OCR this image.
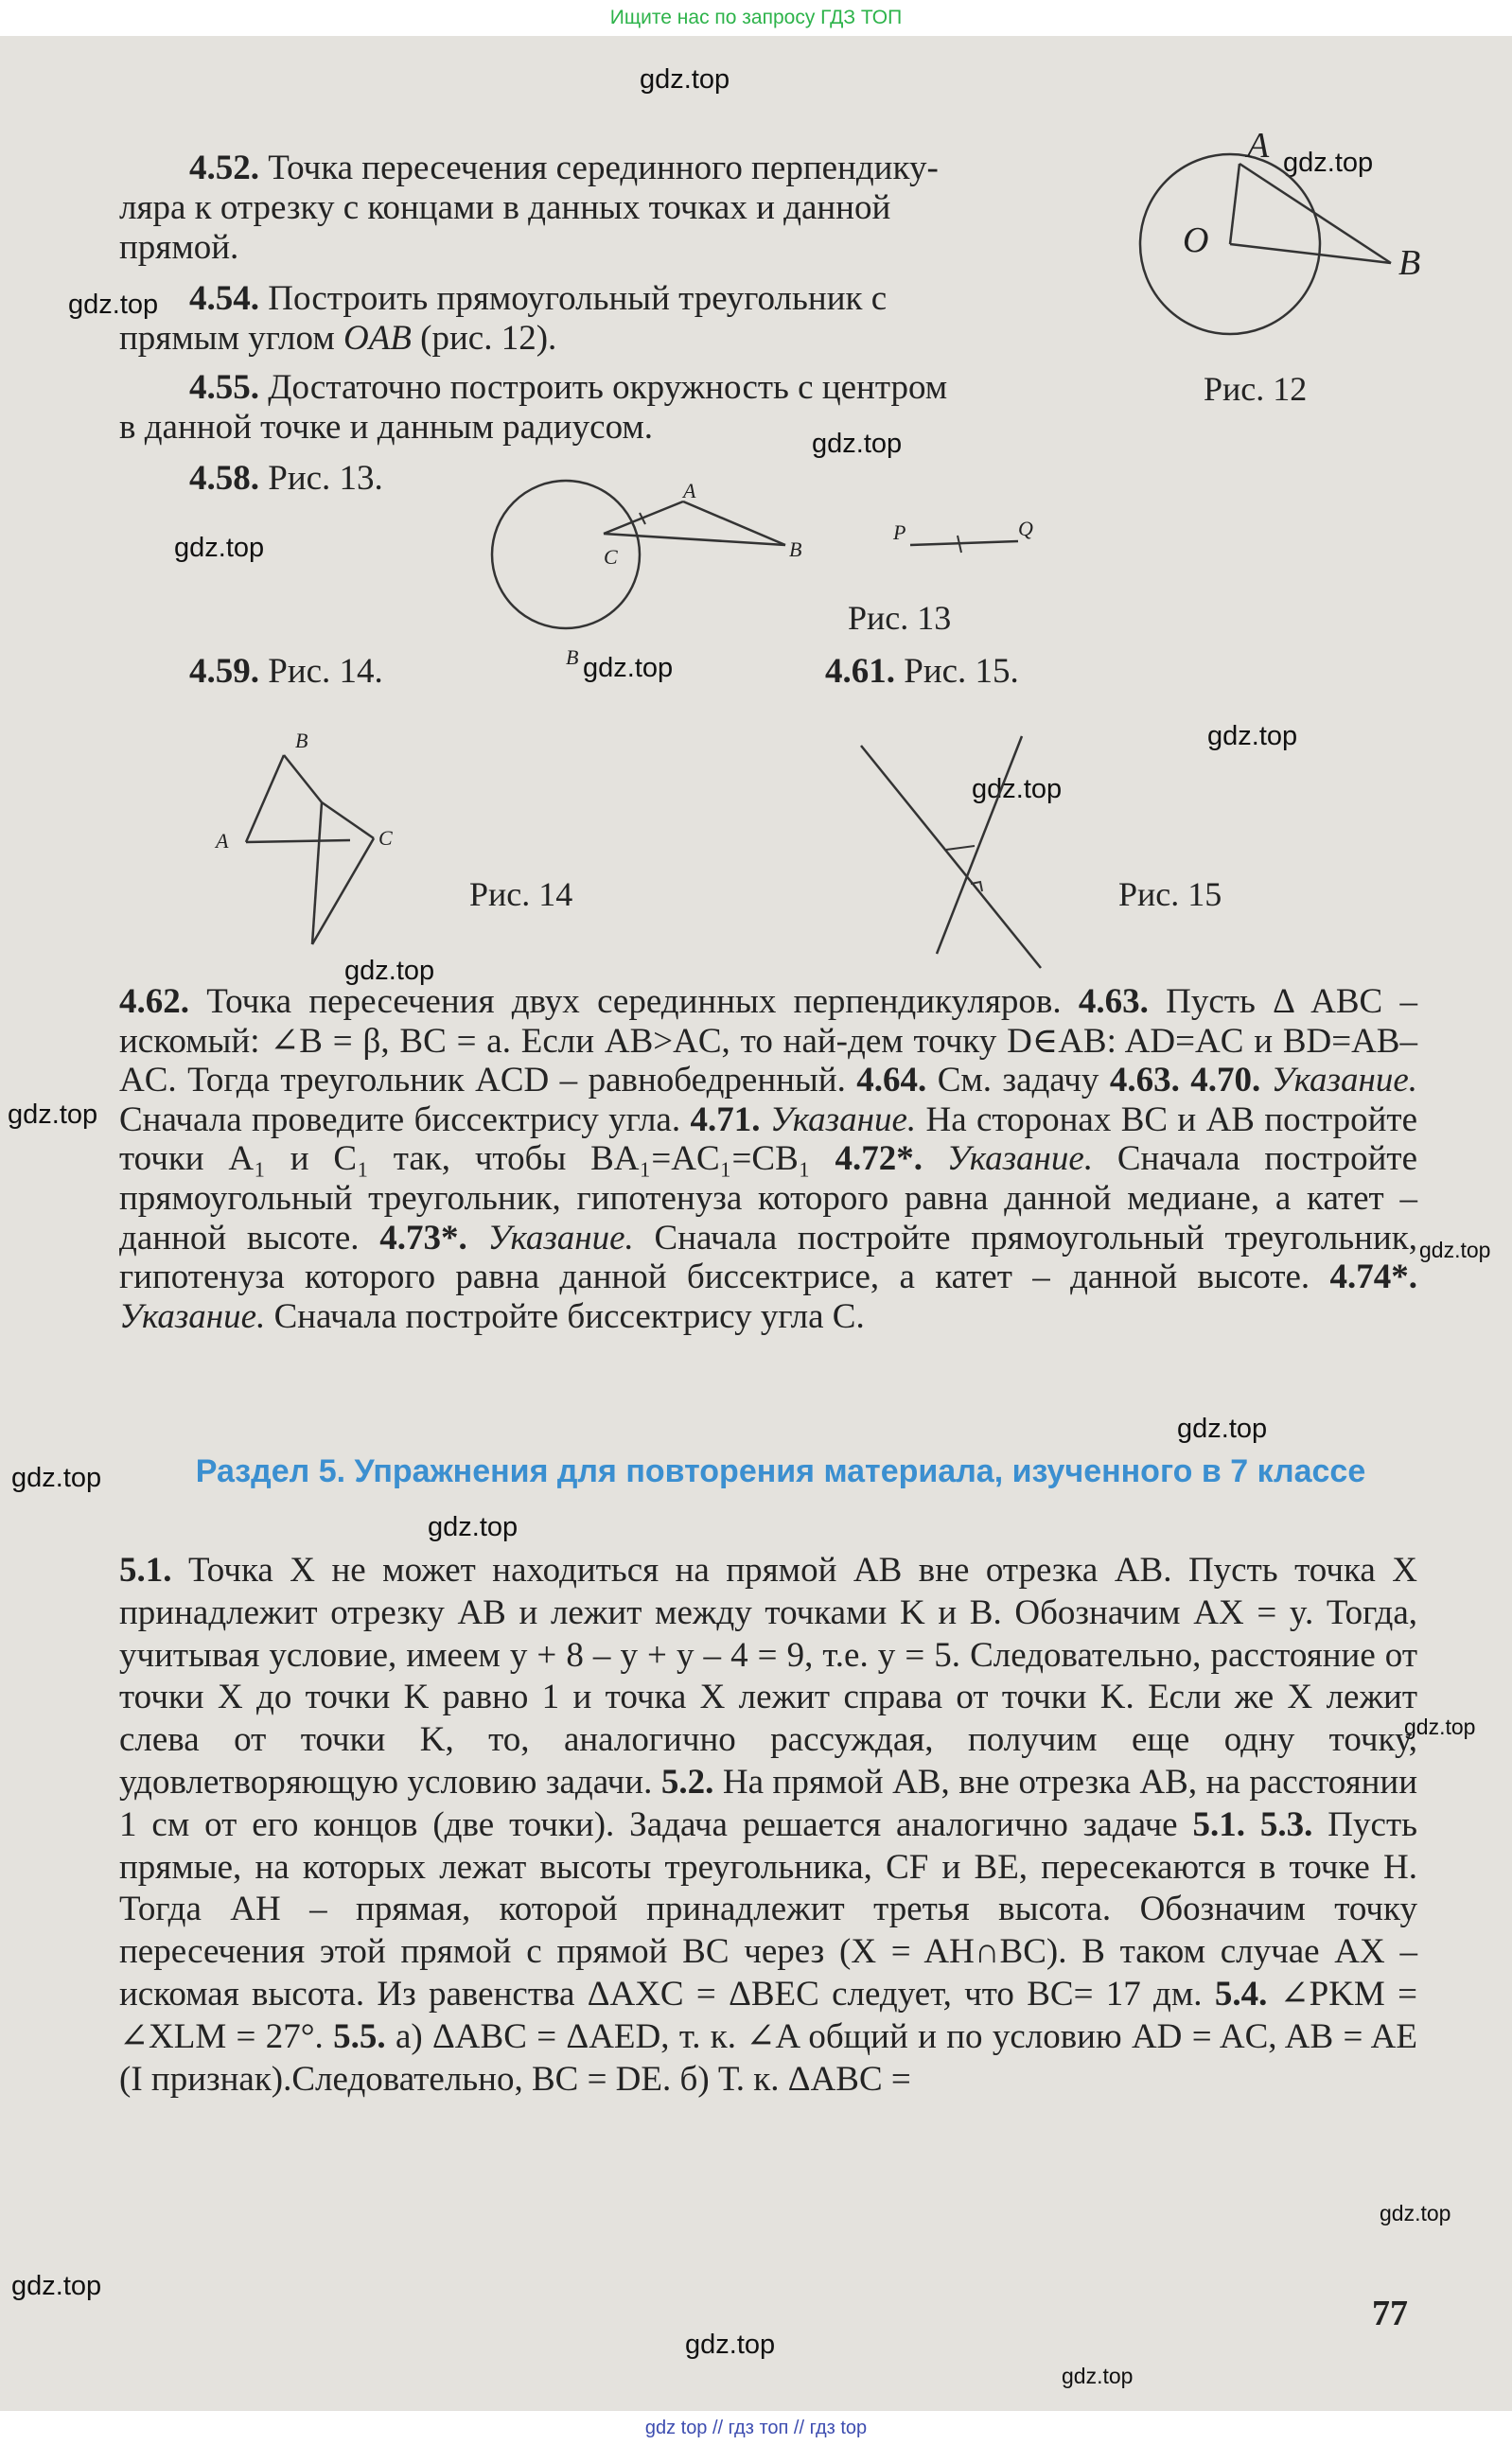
Ищите нас по запросу ГДЗ ТОП
gdz.top
gdz.top
gdz.top
gdz.top
gdz.top
gdz.top
gdz.top
gdz.top
gdz.top
gdz.top
gdz.top
gdz.top
gdz.top
gdz.top
gdz.top
gdz.top
gdz.top
gdz.top
gdz.top
4.52. Точка пересечения серединного перпендику-
ляра к отрезку с концами в данных точках и данной
прямой.
4.54. Построить прямоугольный треугольник с
прямым углом OAB (рис. 12).
4.55. Достаточно построить окружность с центром
в данной точке и данным радиусом.
A
O
B
Рис. 12
4.58. Рис. 13.	A
B
C
B
P	Q
Рис. 13
4.59. Рис. 14.	4.61. Рис. 15.
B
A	C
Рис. 14	Рис. 15

4.62. Точка пересечения двух серединных перпендикуляров. 4.63. Пусть Δ ABC – искомый: ∠B = β, BC = a. Если AB>AC, то най-дем точку D∈AB: AD=AC и BD=AB–AC. Тогда треугольник ACD – равнобедренный. 4.64. См. задачу 4.63. 4.70. Указание. Сначала проведите биссектрису угла. 4.71. Указание. На сторонах BC и AB постройте точки A₁ и C₁ так, чтобы BA₁=AC₁=CB₁ 4.72*. Указание. Сначала постройте прямоугольный треугольник, гипотенуза которого равна данной медиане, а катет – данной высоте. 4.73*. Указание. Сначала постройте прямоугольный треугольник, гипотенуза которого равна данной биссектрисе, а катет – данной высоте. 4.74*. Указание. Сначала постройте биссектрису угла C.

Раздел 5. Упражнения для повторения материала, изученного в 7 классе

5.1. Точка X не может находиться на прямой AB вне отрезка AB. Пусть точка X принадлежит отрезку AB и лежит между точками K и B. Обозначим AX = y. Тогда, учитывая условие, имеем y + 8 – y + y – 4 = 9, т.е. y = 5. Следовательно, расстояние от точки X до точки K равно 1 и точка X лежит справа от точки K. Если же X лежит слева от точки K, то, аналогично рассуждая, получим еще одну точку, удовлетворяющую условию задачи. 5.2. На прямой AB, вне отрезка AB, на расстоянии 1 см от его концов (две точки). Задача решается аналогично задаче 5.1. 5.3. Пусть прямые, на которых лежат высоты треугольника, CF и BE, пересекаются в точке H. Тогда AH – прямая, которой принадлежит третья высота. Обозначим точку пересечения этой прямой с прямой BC через (X = AH∩BC). В таком случае AX – искомая высота. Из равенства ΔAXC = ΔBEC следует, что BC= 17 дм. 5.4. ∠PKM = ∠XLM = 27°. 5.5. а) ΔABC = ΔAED, т. к. ∠A общий и по условию AD = AC, AB = AE (I признак).Следовательно, BC = DE. б) Т. к. ΔABC =

77
gdz top // гдз топ // гдз top
